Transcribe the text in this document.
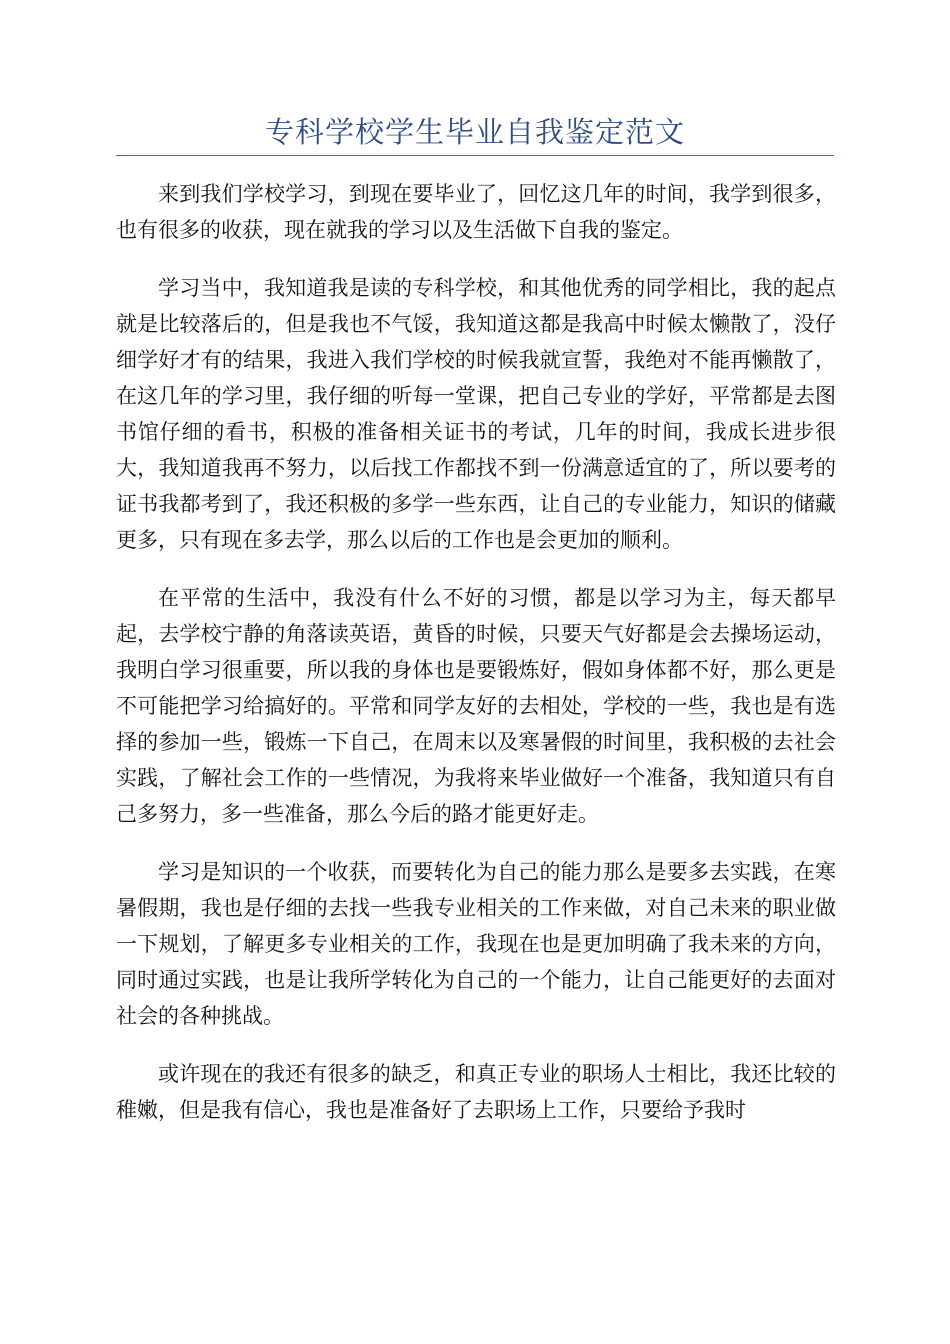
专科学校学生毕业自我鉴定范文

来到我们学校学习，到现在要毕业了，回忆这几年的时间，我学到很多，也有很多的收获，现在就我的学习以及生活做下自我的鉴定。

学习当中，我知道我是读的专科学校，和其他优秀的同学相比，我的起点就是比较落后的，但是我也不气馁，我知道这都是我高中时候太懒散了，没仔细学好才有的结果，我进入我们学校的时候我就宣誓，我绝对不能再懒散了，在这几年的学习里，我仔细的听每一堂课，把自己专业的学好，平常都是去图书馆仔细的看书，积极的准备相关证书的考试，几年的时间，我成长进步很大，我知道我再不努力，以后找工作都找不到一份满意适宜的了，所以要考的证书我都考到了，我还积极的多学一些东西，让自己的专业能力，知识的储藏更多，只有现在多去学，那么以后的工作也是会更加的顺利。

在平常的生活中，我没有什么不好的习惯，都是以学习为主，每天都早起，去学校宁静的角落读英语，黄昏的时候，只要天气好都是会去操场运动，我明白学习很重要，所以我的身体也是要锻炼好，假如身体都不好，那么更是不可能把学习给搞好的。平常和同学友好的去相处，学校的一些，我也是有选择的参加一些，锻炼一下自己，在周末以及寒暑假的时间里，我积极的去社会实践，了解社会工作的一些情况，为我将来毕业做好一个准备，我知道只有自己多努力，多一些准备，那么今后的路才能更好走。

学习是知识的一个收获，而要转化为自己的能力那么是要多去实践，在寒暑假期，我也是仔细的去找一些我专业相关的工作来做，对自己未来的职业做一下规划，了解更多专业相关的工作，我现在也是更加明确了我未来的方向，同时通过实践，也是让我所学转化为自己的一个能力，让自己能更好的去面对社会的各种挑战。

或许现在的我还有很多的缺乏，和真正专业的职场人士相比，我还比较的稚嫩，但是我有信心，我也是准备好了去职场上工作，只要给予我时
